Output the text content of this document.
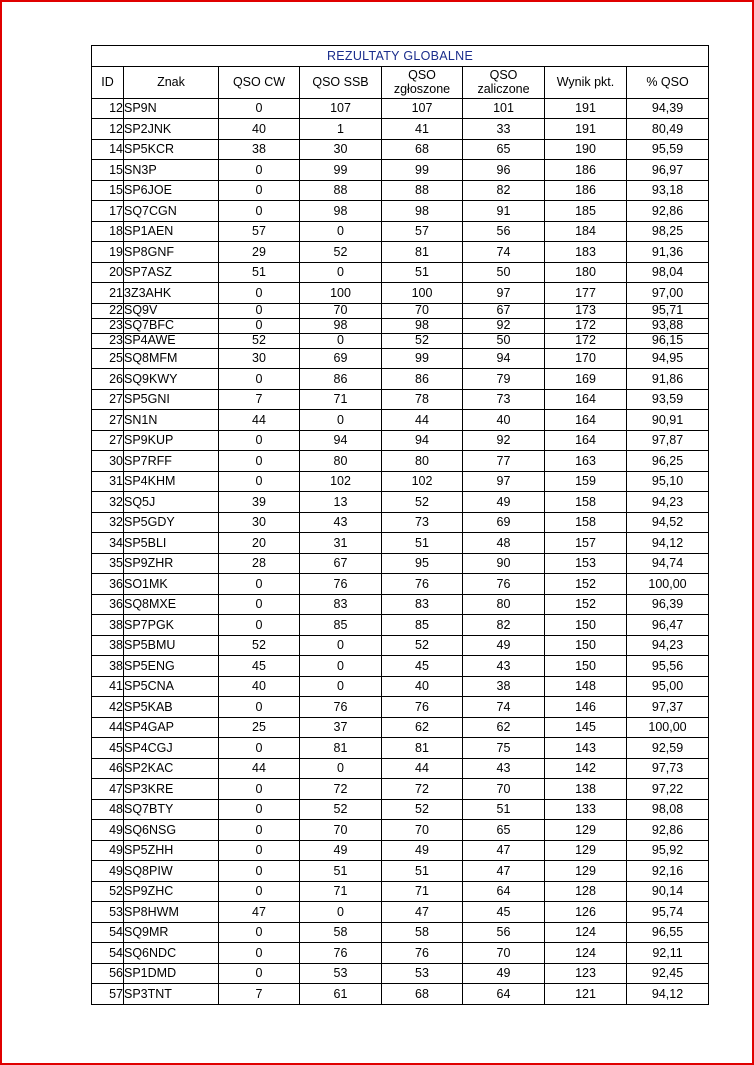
REZULTATY GLOBALNE							
ID	Znak	QSO CW	QSO SSB	QSO zgłoszone	QSO zaliczone	Wynik pkt.	% QSO
12	SP9N	0	107	107	101	191	94,39
12	SP2JNK	40	1	41	33	191	80,49
14	SP5KCR	38	30	68	65	190	95,59
15	SN3P	0	99	99	96	186	96,97
15	SP6JOE	0	88	88	82	186	93,18
17	SQ7CGN	0	98	98	91	185	92,86
18	SP1AEN	57	0	57	56	184	98,25
19	SP8GNF	29	52	81	74	183	91,36
20	SP7ASZ	51	0	51	50	180	98,04
21	3Z3AHK	0	100	100	97	177	97,00
22	SQ9V	0	70	70	67	173	95,71
23	SQ7BFC	0	98	98	92	172	93,88
23	SP4AWE	52	0	52	50	172	96,15
25	SQ8MFM	30	69	99	94	170	94,95
26	SQ9KWY	0	86	86	79	169	91,86
27	SP5GNI	7	71	78	73	164	93,59
27	SN1N	44	0	44	40	164	90,91
27	SP9KUP	0	94	94	92	164	97,87
30	SP7RFF	0	80	80	77	163	96,25
31	SP4KHM	0	102	102	97	159	95,10
32	SQ5J	39	13	52	49	158	94,23
32	SP5GDY	30	43	73	69	158	94,52
34	SP5BLI	20	31	51	48	157	94,12
35	SP9ZHR	28	67	95	90	153	94,74
36	SO1MK	0	76	76	76	152	100,00
36	SQ8MXE	0	83	83	80	152	96,39
38	SP7PGK	0	85	85	82	150	96,47
38	SP5BMU	52	0	52	49	150	94,23
38	SP5ENG	45	0	45	43	150	95,56
41	SP5CNA	40	0	40	38	148	95,00
42	SP5KAB	0	76	76	74	146	97,37
44	SP4GAP	25	37	62	62	145	100,00
45	SP4CGJ	0	81	81	75	143	92,59
46	SP2KAC	44	0	44	43	142	97,73
47	SP3KRE	0	72	72	70	138	97,22
48	SQ7BTY	0	52	52	51	133	98,08
49	SQ6NSG	0	70	70	65	129	92,86
49	SP5ZHH	0	49	49	47	129	95,92
49	SQ8PIW	0	51	51	47	129	92,16
52	SP9ZHC	0	71	71	64	128	90,14
53	SP8HWM	47	0	47	45	126	95,74
54	SQ9MR	0	58	58	56	124	96,55
54	SQ6NDC	0	76	76	70	124	92,11
56	SP1DMD	0	53	53	49	123	92,45
57	SP3TNT	7	61	68	64	121	94,12
